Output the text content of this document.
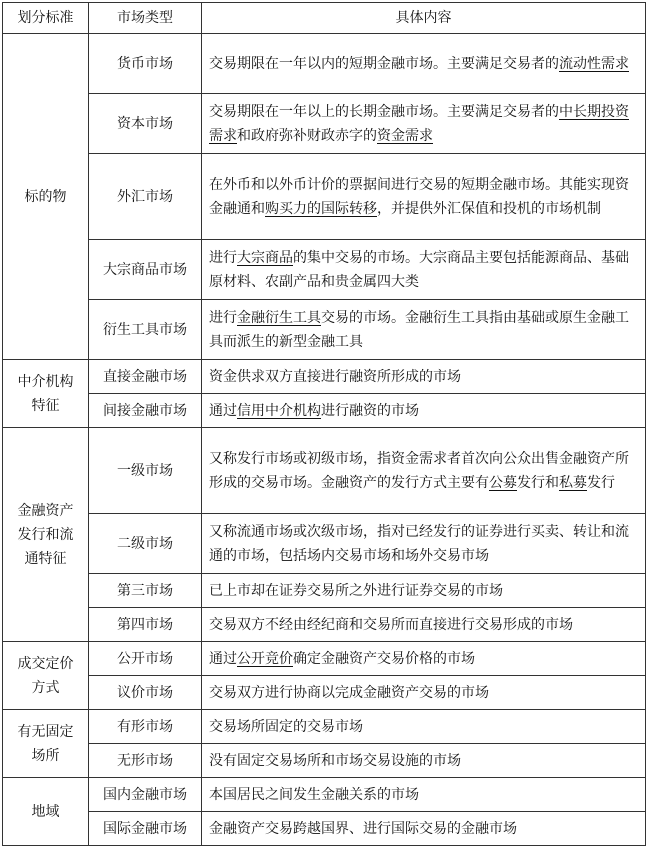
划分标准	市场类型	具体内容

标的物	货币市场	交易期限在一年以内的短期金融市场。主要满足交易者的流动性需求
	资本市场	交易期限在一年以上的长期金融市场。主要满足交易者的中长期投资需求和政府弥补财政赤字的资金需求
	外汇市场	在外币和以外币计价的票据间进行交易的短期金融市场。其能实现资金融通和购买力的国际转移，并提供外汇保值和投机的市场机制
	大宗商品市场	进行大宗商品的集中交易的市场。大宗商品主要包括能源商品、基础原材料、农副产品和贵金属四大类
	衍生工具市场	进行金融衍生工具交易的市场。金融衍生工具指由基础或原生金融工具而派生的新型金融工具

中介机构特征	直接金融市场	资金供求双方直接进行融资所形成的市场
	间接金融市场	通过信用中介机构进行融资的市场

金融资产发行和流通特征	一级市场	又称发行市场或初级市场，指资金需求者首次向公众出售金融资产所形成的交易市场。金融资产的发行方式主要有公募发行和私募发行
	二级市场	又称流通市场或次级市场，指对已经发行的证券进行买卖、转让和流通的市场，包括场内交易市场和场外交易市场
	第三市场	已上市却在证券交易所之外进行证券交易的市场
	第四市场	交易双方不经由经纪商和交易所而直接进行交易形成的市场

成交定价方式	公开市场	通过公开竞价确定金融资产交易价格的市场
	议价市场	交易双方进行协商以完成金融资产交易的市场

有无固定场所	有形市场	交易场所固定的交易市场
	无形市场	没有固定交易场所和市场交易设施的市场

地域	国内金融市场	本国居民之间发生金融关系的市场
	国际金融市场	金融资产交易跨越国界、进行国际交易的金融市场
